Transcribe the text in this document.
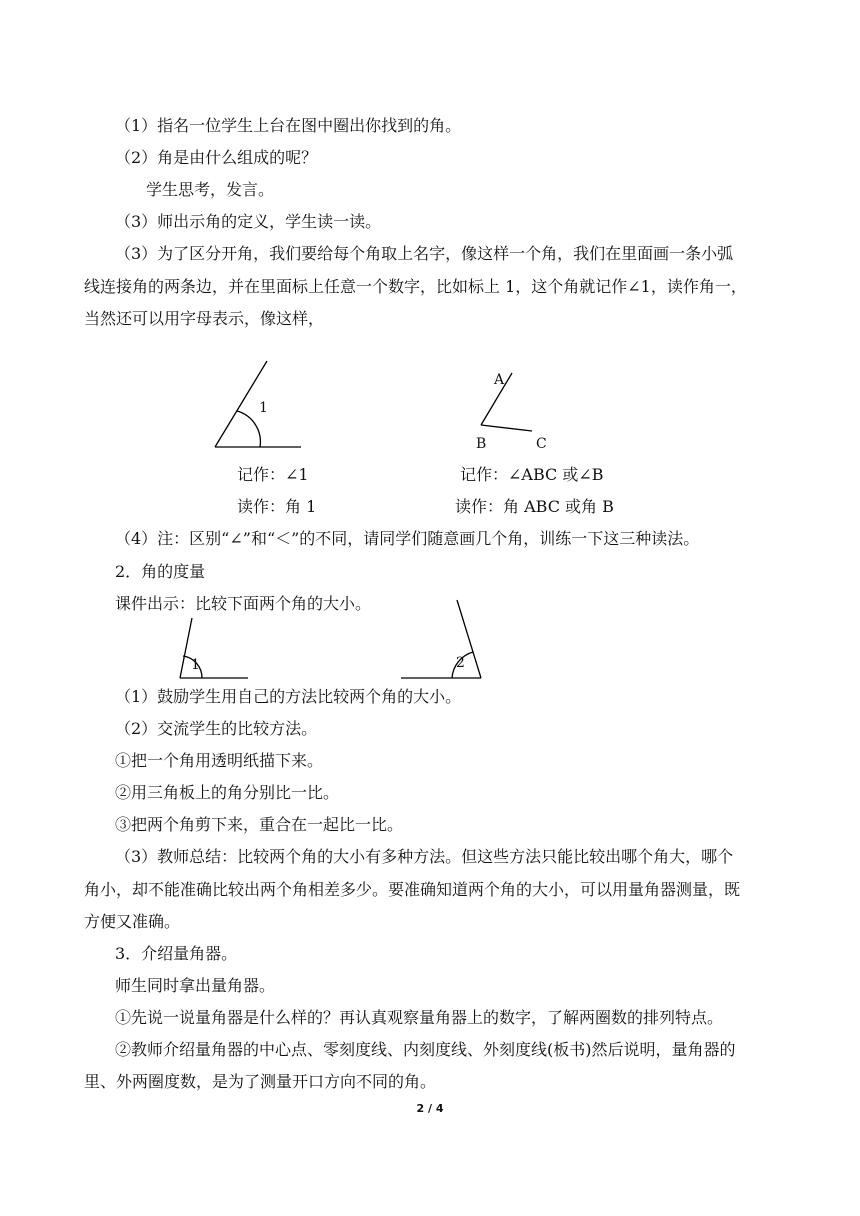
（1）指名一位学生上台在图中圈出你找到的角。
（2）角是由什么组成的呢？
学生思考，发言。
（3）师出示角的定义，学生读一读。
（3）为了区分开角，我们要给每个角取上名字，像这样一个角，我们在里面画一条小弧
线连接角的两条边，并在里面标上任意一个数字，比如标上 1，这个角就记作∠1，读作角一，
当然还可以用字母表示，像这样，
1
记作：∠1
读作：角 1
A
B	C
记作：∠ABC 或∠B
读作：角 ABC 或角 B
（4）注：区别“∠”和“＜”的不同，请同学们随意画几个角，训练一下这三种读法。
2．角的度量
课件出示：比较下面两个角的大小。
1	2
（1）鼓励学生用自己的方法比较两个角的大小。
（2）交流学生的比较方法。
①把一个角用透明纸描下来。
②用三角板上的角分别比一比。
③把两个角剪下来，重合在一起比一比。
（3）教师总结：比较两个角的大小有多种方法。但这些方法只能比较出哪个角大，哪个
角小，却不能准确比较出两个角相差多少。要准确知道两个角的大小，可以用量角器测量，既
方便又准确。
3．介绍量角器。
师生同时拿出量角器。
①先说一说量角器是什么样的？再认真观察量角器上的数字，了解两圈数的排列特点。
②教师介绍量角器的中心点、零刻度线、内刻度线、外刻度线(板书)然后说明，量角器的
里、外两圈度数，是为了测量开口方向不同的角。
2 / 4
